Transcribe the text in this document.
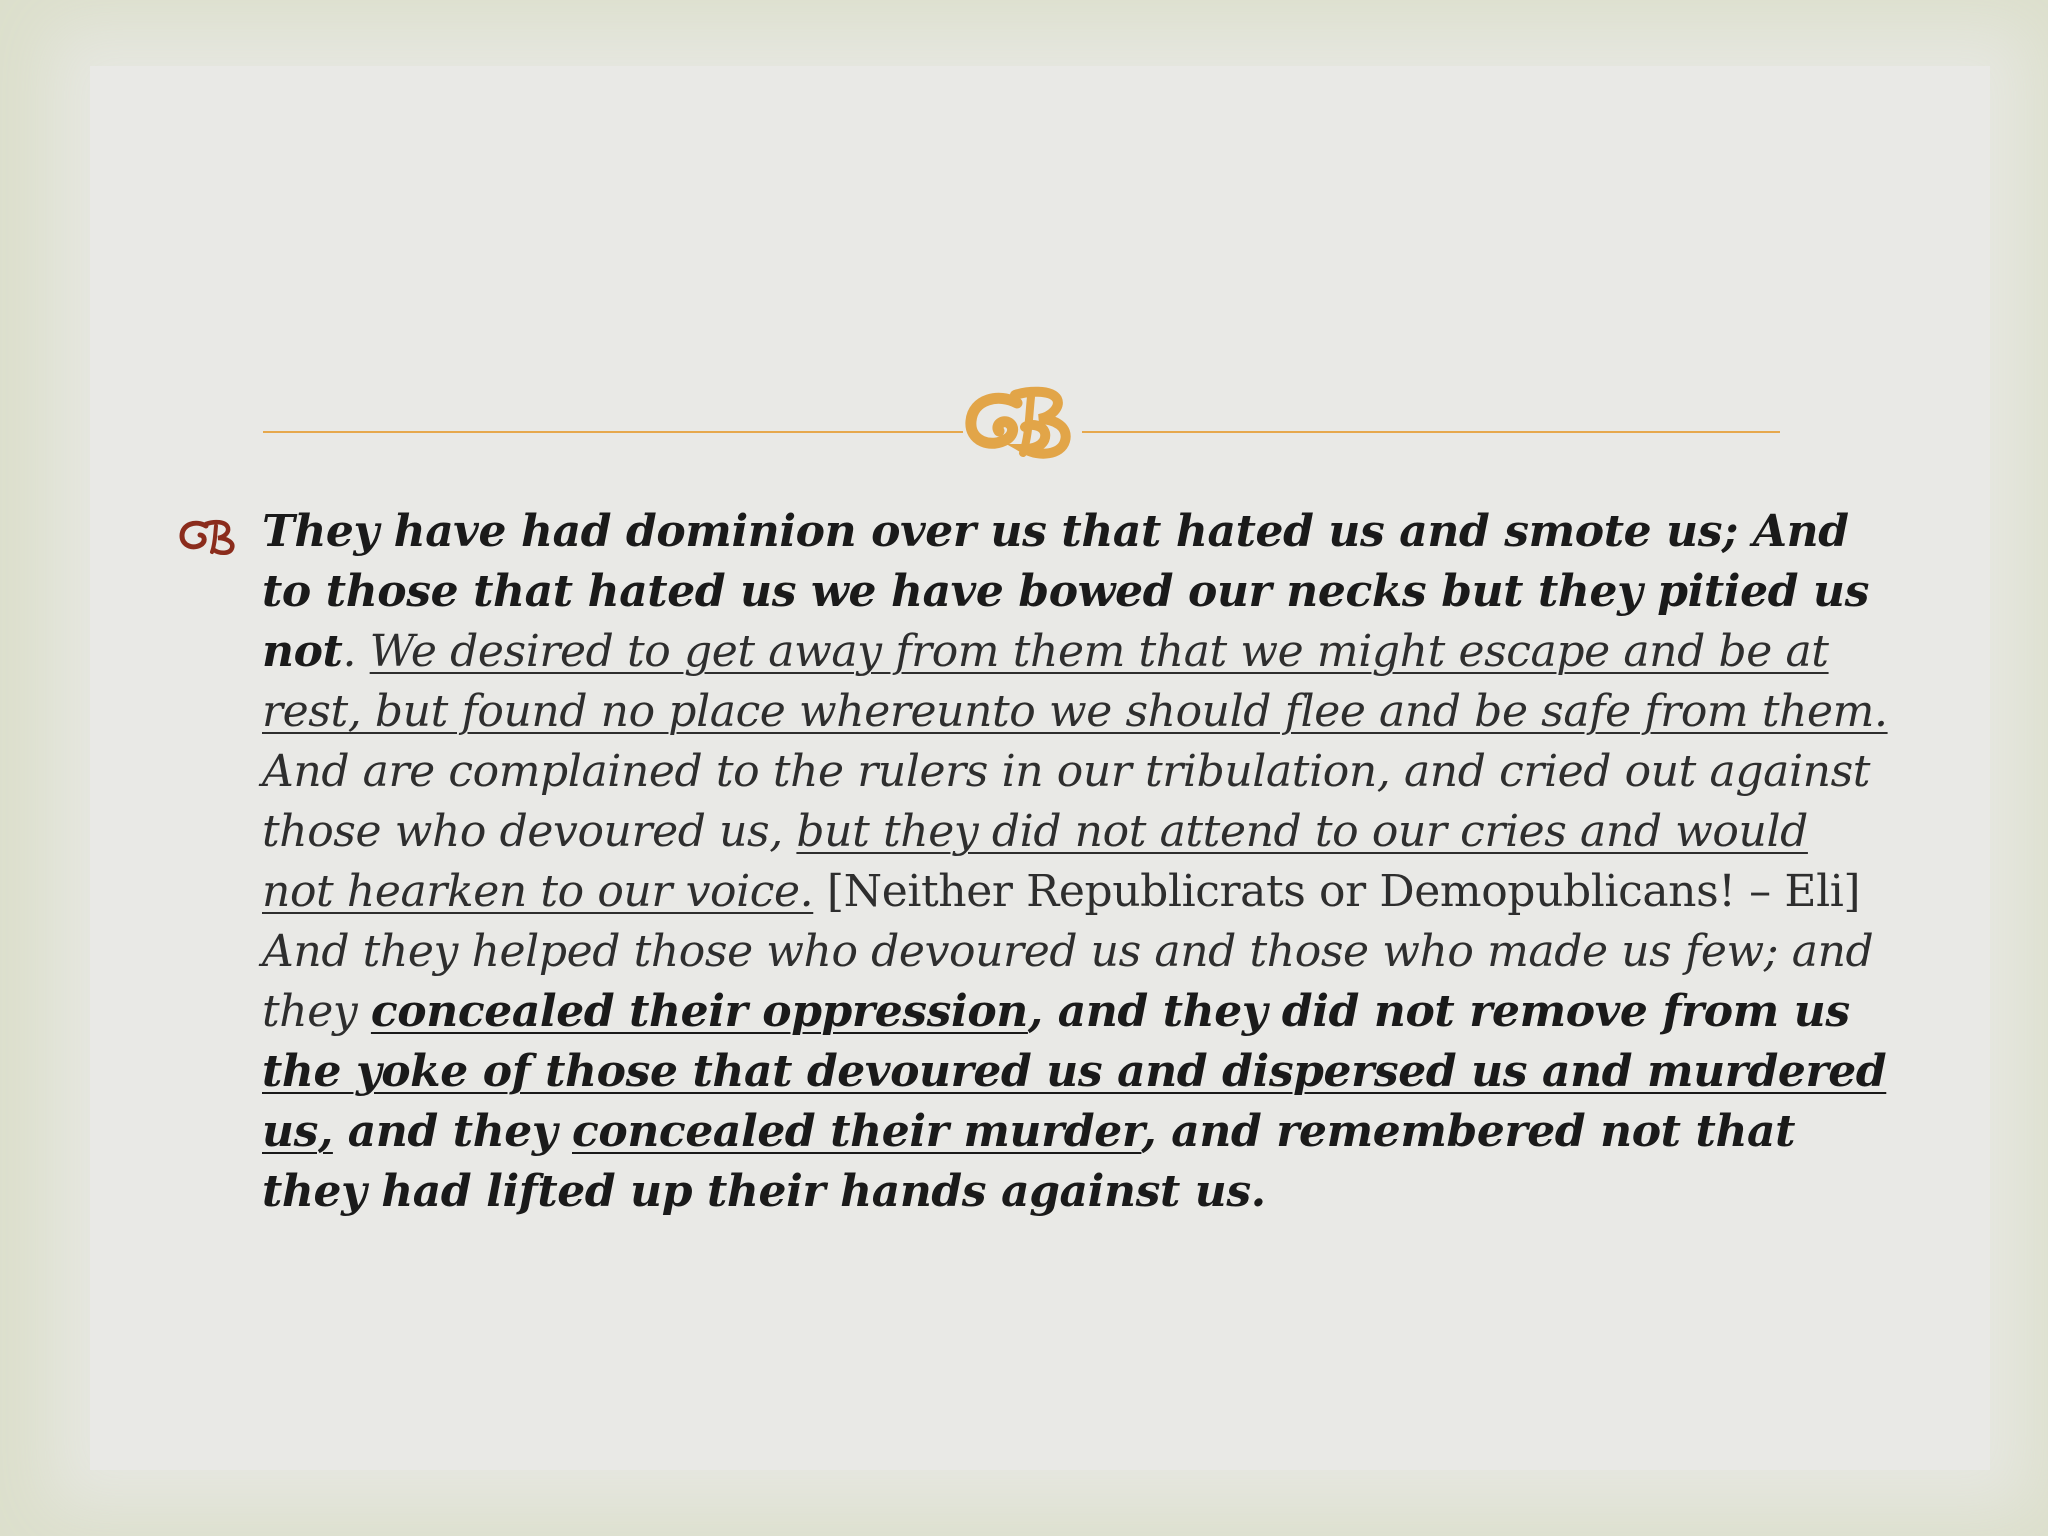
They have had dominion over us that hated us and smote us; And to those that hated us we have bowed our necks but they pitied us not. We desired to get away from them that we might escape and be at rest, but found no place whereunto we should flee and be safe from them. And are complained to the rulers in our tribulation, and cried out against those who devoured us, but they did not attend to our cries and would not hearken to our voice. [Neither Republicrats or Demopublicans! – Eli] And they helped those who devoured us and those who made us few; and they concealed their oppression, and they did not remove from us the yoke of those that devoured us and dispersed us and murdered us, and they concealed their murder, and remembered not that they had lifted up their hands against us.
